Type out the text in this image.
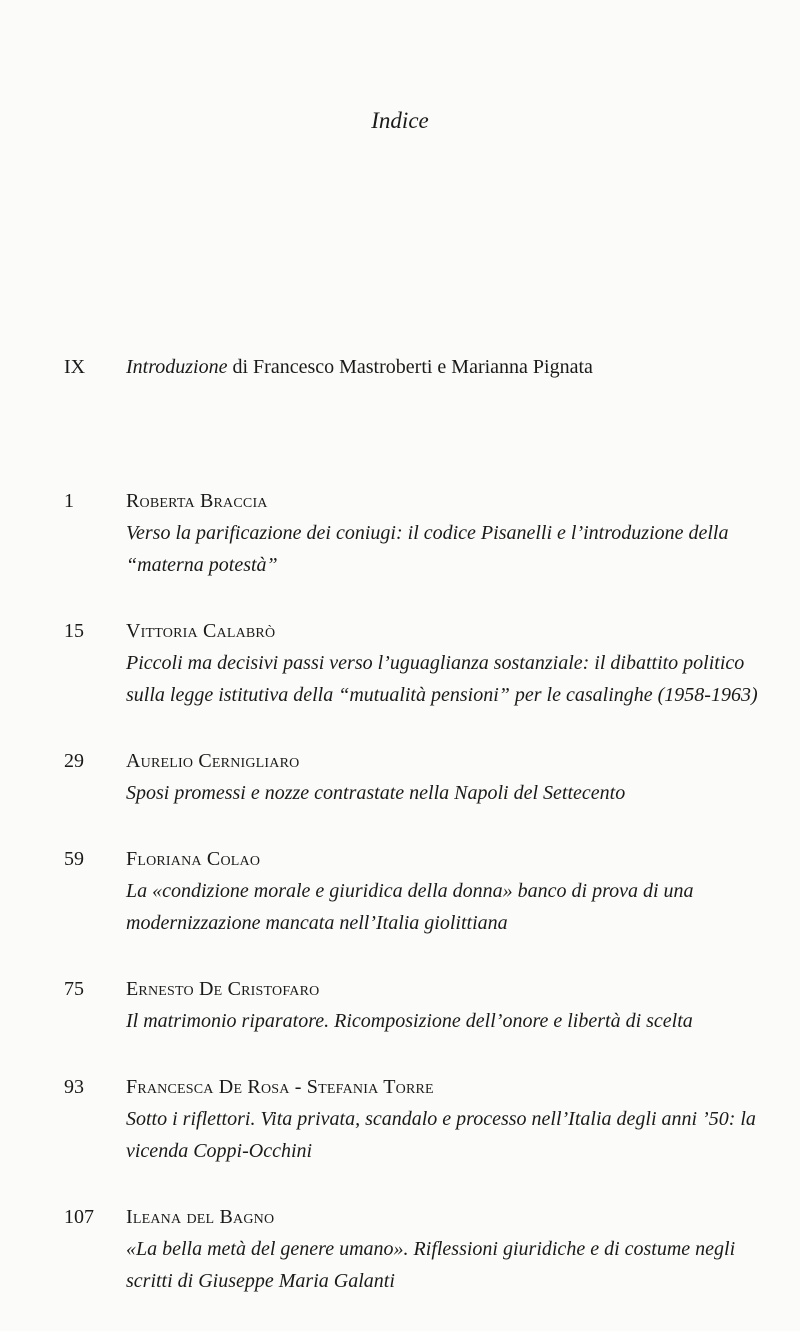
Indice
IX Introduzione di Francesco Mastroberti e Marianna Pignata
1	Roberta Braccia
Verso la parificazione dei coniugi: il codice Pisanelli e l’introduzione della “materna potestà”
15	Vittoria Calabrò
Piccoli ma decisivi passi verso l’uguaglianza sostanziale: il dibattito politico sulla legge istitutiva della “mutualità pensioni” per le casalinghe (1958-1963)
29	Aurelio Cernigliaro
Sposi promessi e nozze contrastate nella Napoli del Settecento
59	Floriana Colao
La «condizione morale e giuridica della donna» banco di prova di una modernizzazione mancata nell’Italia giolittiana
75	Ernesto De Cristofaro
Il matrimonio riparatore. Ricomposizione dell’onore e libertà di scelta
93	Francesca De Rosa - Stefania Torre
Sotto i riflettori. Vita privata, scandalo e processo nell’Italia degli anni ’50: la vicenda Coppi-Occhini
107	Ileana del Bagno
«La bella metà del genere umano». Riflessioni giuridiche e di costume negli scritti di Giuseppe Maria Galanti
